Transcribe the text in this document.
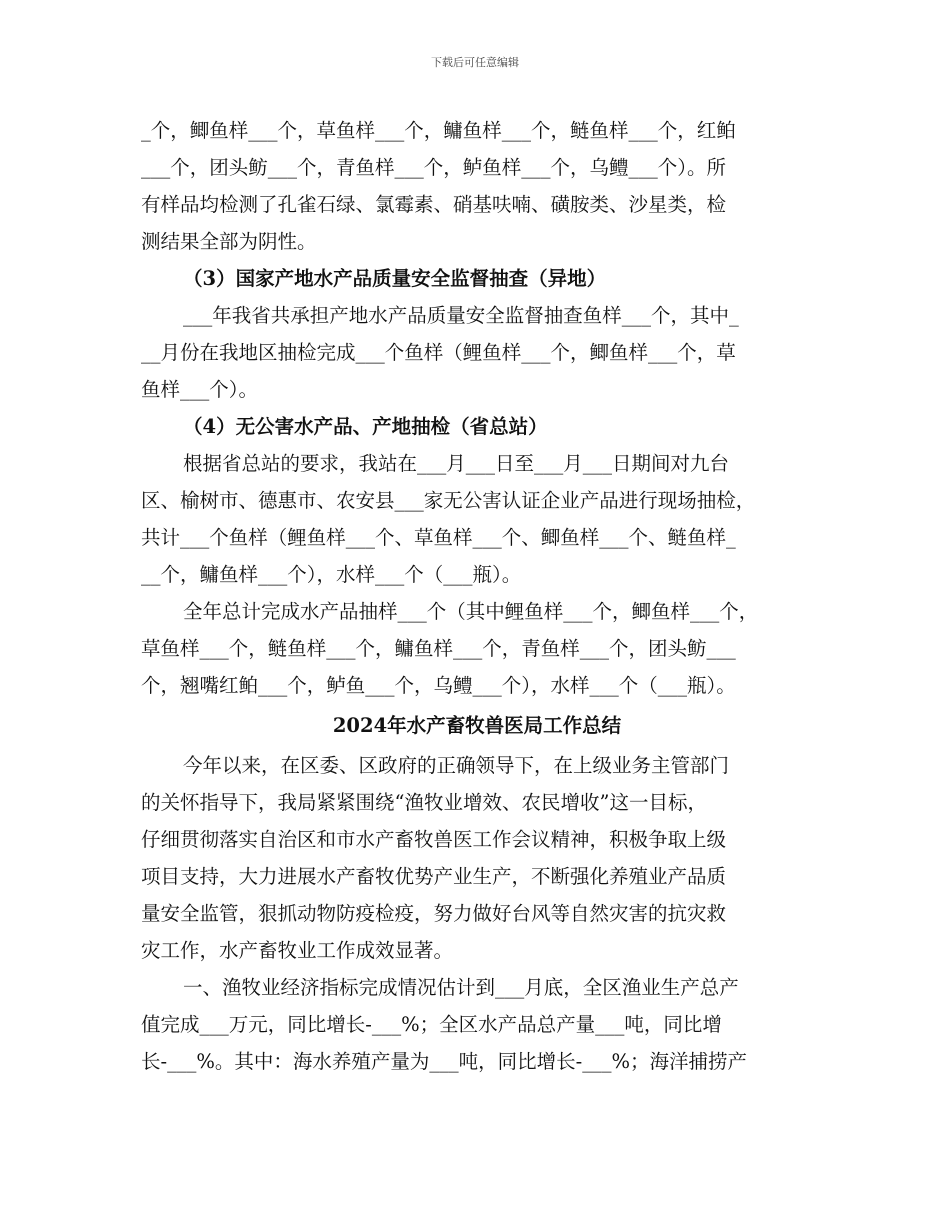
下载后可任意编辑
_个，鲫鱼样___个，草鱼样___个，鳙鱼样___个，鲢鱼样___个，红鲌
___个，团头鲂___个，青鱼样___个，鲈鱼样___个，乌鳢___个）。所
有样品均检测了孔雀石绿、氯霉素、硝基呋喃、磺胺类、沙星类，检
测结果全部为阴性。
（3）国家产地水产品质量安全监督抽查（异地）
___年我省共承担产地水产品质量安全监督抽查鱼样___个，其中_
__月份在我地区抽检完成___个鱼样（鲤鱼样___个，鲫鱼样___个，草
鱼样___个）。
（4）无公害水产品、产地抽检（省总站）
根据省总站的要求，我站在___月___日至___月___日期间对九台
区、榆树市、德惠市、农安县___家无公害认证企业产品进行现场抽检，
共计___个鱼样（鲤鱼样___个、草鱼样___个、鲫鱼样___个、鲢鱼样_
__个，鳙鱼样___个），水样___个（___瓶）。
全年总计完成水产品抽样___个（其中鲤鱼样___个，鲫鱼样___个，
草鱼样___个，鲢鱼样___个，鳙鱼样___个，青鱼样___个，团头鲂___
个，翘嘴红鲌___个，鲈鱼___个，乌鳢___个），水样___个（___瓶）。
2024年水产畜牧兽医局工作总结
今年以来，在区委、区政府的正确领导下，在上级业务主管部门
的关怀指导下，我局紧紧围绕“渔牧业增效、农民增收”这一目标，
仔细贯彻落实自治区和市水产畜牧兽医工作会议精神，积极争取上级
项目支持，大力进展水产畜牧优势产业生产，不断强化养殖业产品质
量安全监管，狠抓动物防疫检疫，努力做好台风等自然灾害的抗灾救
灾工作，水产畜牧业工作成效显著。
一、渔牧业经济指标完成情况估计到___月底，全区渔业生产总产
值完成___万元，同比增长-___%；全区水产品总产量___吨，同比增
长-___%。其中：海水养殖产量为___吨，同比增长-___%；海洋捕捞产
